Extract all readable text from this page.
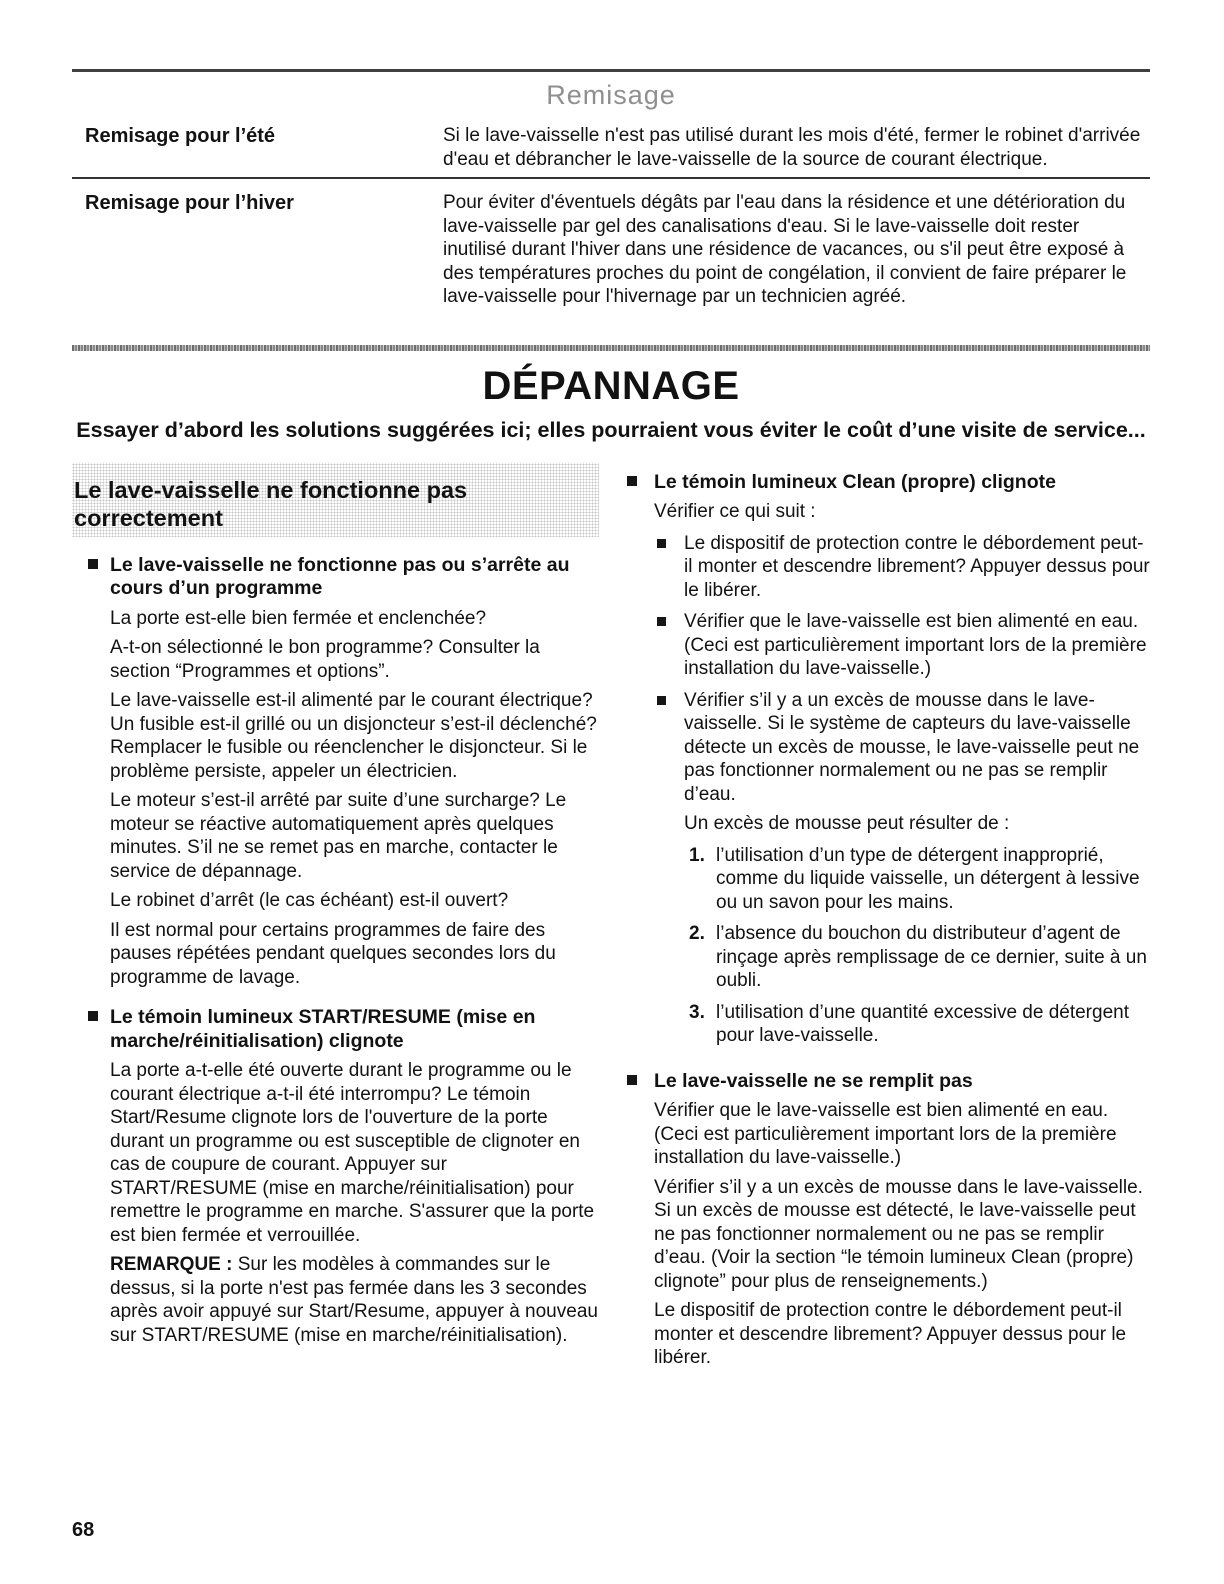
Remisage
Remisage pour l’été	Si le lave-vaisselle n'est pas utilisé durant les mois d'été, fermer le robinet d'arrivée d'eau et débrancher le lave-vaisselle de la source de courant électrique.
Remisage pour l’hiver	Pour éviter d'éventuels dégâts par l'eau dans la résidence et une détérioration du lave-vaisselle par gel des canalisations d'eau. Si le lave-vaisselle doit rester inutilisé durant l'hiver dans une résidence de vacances, ou s'il peut être exposé à des températures proches du point de congélation, il convient de faire préparer le lave-vaisselle pour l'hivernage par un technicien agréé.
DÉPANNAGE

Essayer d’abord les solutions suggérées ici; elles pourraient vous éviter le coût d’une visite de service...

Le lave-vaisselle ne fonctionne pas correctement
Le lave-vaisselle ne fonctionne pas ou s’arrête au cours d’un programme

La porte est-elle bien fermée et enclenchée?

A-t-on sélectionné le bon programme? Consulter la section “Programmes et options”.

Le lave-vaisselle est-il alimenté par le courant électrique? Un fusible est-il grillé ou un disjoncteur s’est-il déclenché? Remplacer le fusible ou réenclencher le disjoncteur. Si le problème persiste, appeler un électricien.

Le moteur s’est-il arrêté par suite d’une surcharge? Le moteur se réactive automatiquement après quelques minutes. S’il ne se remet pas en marche, contacter le service de dépannage.

Le robinet d’arrêt (le cas échéant) est-il ouvert?

Il est normal pour certains programmes de faire des pauses répétées pendant quelques secondes lors du programme de lavage.

Le témoin lumineux START/RESUME (mise en marche/réinitialisation) clignote

La porte a-t-elle été ouverte durant le programme ou le courant électrique a-t-il été interrompu? Le témoin Start/Resume clignote lors de l'ouverture de la porte durant un programme ou est susceptible de clignoter en cas de coupure de courant. Appuyer sur START/RESUME (mise en marche/réinitialisation) pour remettre le programme en marche. S'assurer que la porte est bien fermée et verrouillée.

REMARQUE : Sur les modèles à commandes sur le dessus, si la porte n'est pas fermée dans les 3 secondes après avoir appuyé sur Start/Resume, appuyer à nouveau sur START/RESUME (mise en marche/réinitialisation).

Le témoin lumineux Clean (propre) clignote

Vérifier ce qui suit :

Le dispositif de protection contre le débordement peut-il monter et descendre librement? Appuyer dessus pour le libérer.
Vérifier que le lave-vaisselle est bien alimenté en eau. (Ceci est particulièrement important lors de la première installation du lave-vaisselle.)
Vérifier s’il y a un excès de mousse dans le lave-vaisselle. Si le système de capteurs du lave-vaisselle détecte un excès de mousse, le lave-vaisselle peut ne pas fonctionner normalement ou ne pas se remplir d’eau.

Un excès de mousse peut résulter de :

1. l’utilisation d’un type de détergent inapproprié, comme du liquide vaisselle, un détergent à lessive ou un savon pour les mains.
2. l’absence du bouchon du distributeur d’agent de rinçage après remplissage de ce dernier, suite à un oubli.
3. l’utilisation d’une quantité excessive de détergent pour lave-vaisselle.
Le lave-vaisselle ne se remplit pas

Vérifier que le lave-vaisselle est bien alimenté en eau. (Ceci est particulièrement important lors de la première installation du lave-vaisselle.)

Vérifier s’il y a un excès de mousse dans le lave-vaisselle. Si un excès de mousse est détecté, le lave-vaisselle peut ne pas fonctionner normalement ou ne pas se remplir d’eau. (Voir la section “le témoin lumineux Clean (propre) clignote” pour plus de renseignements.)

Le dispositif de protection contre le débordement peut-il monter et descendre librement? Appuyer dessus pour le libérer.

68
